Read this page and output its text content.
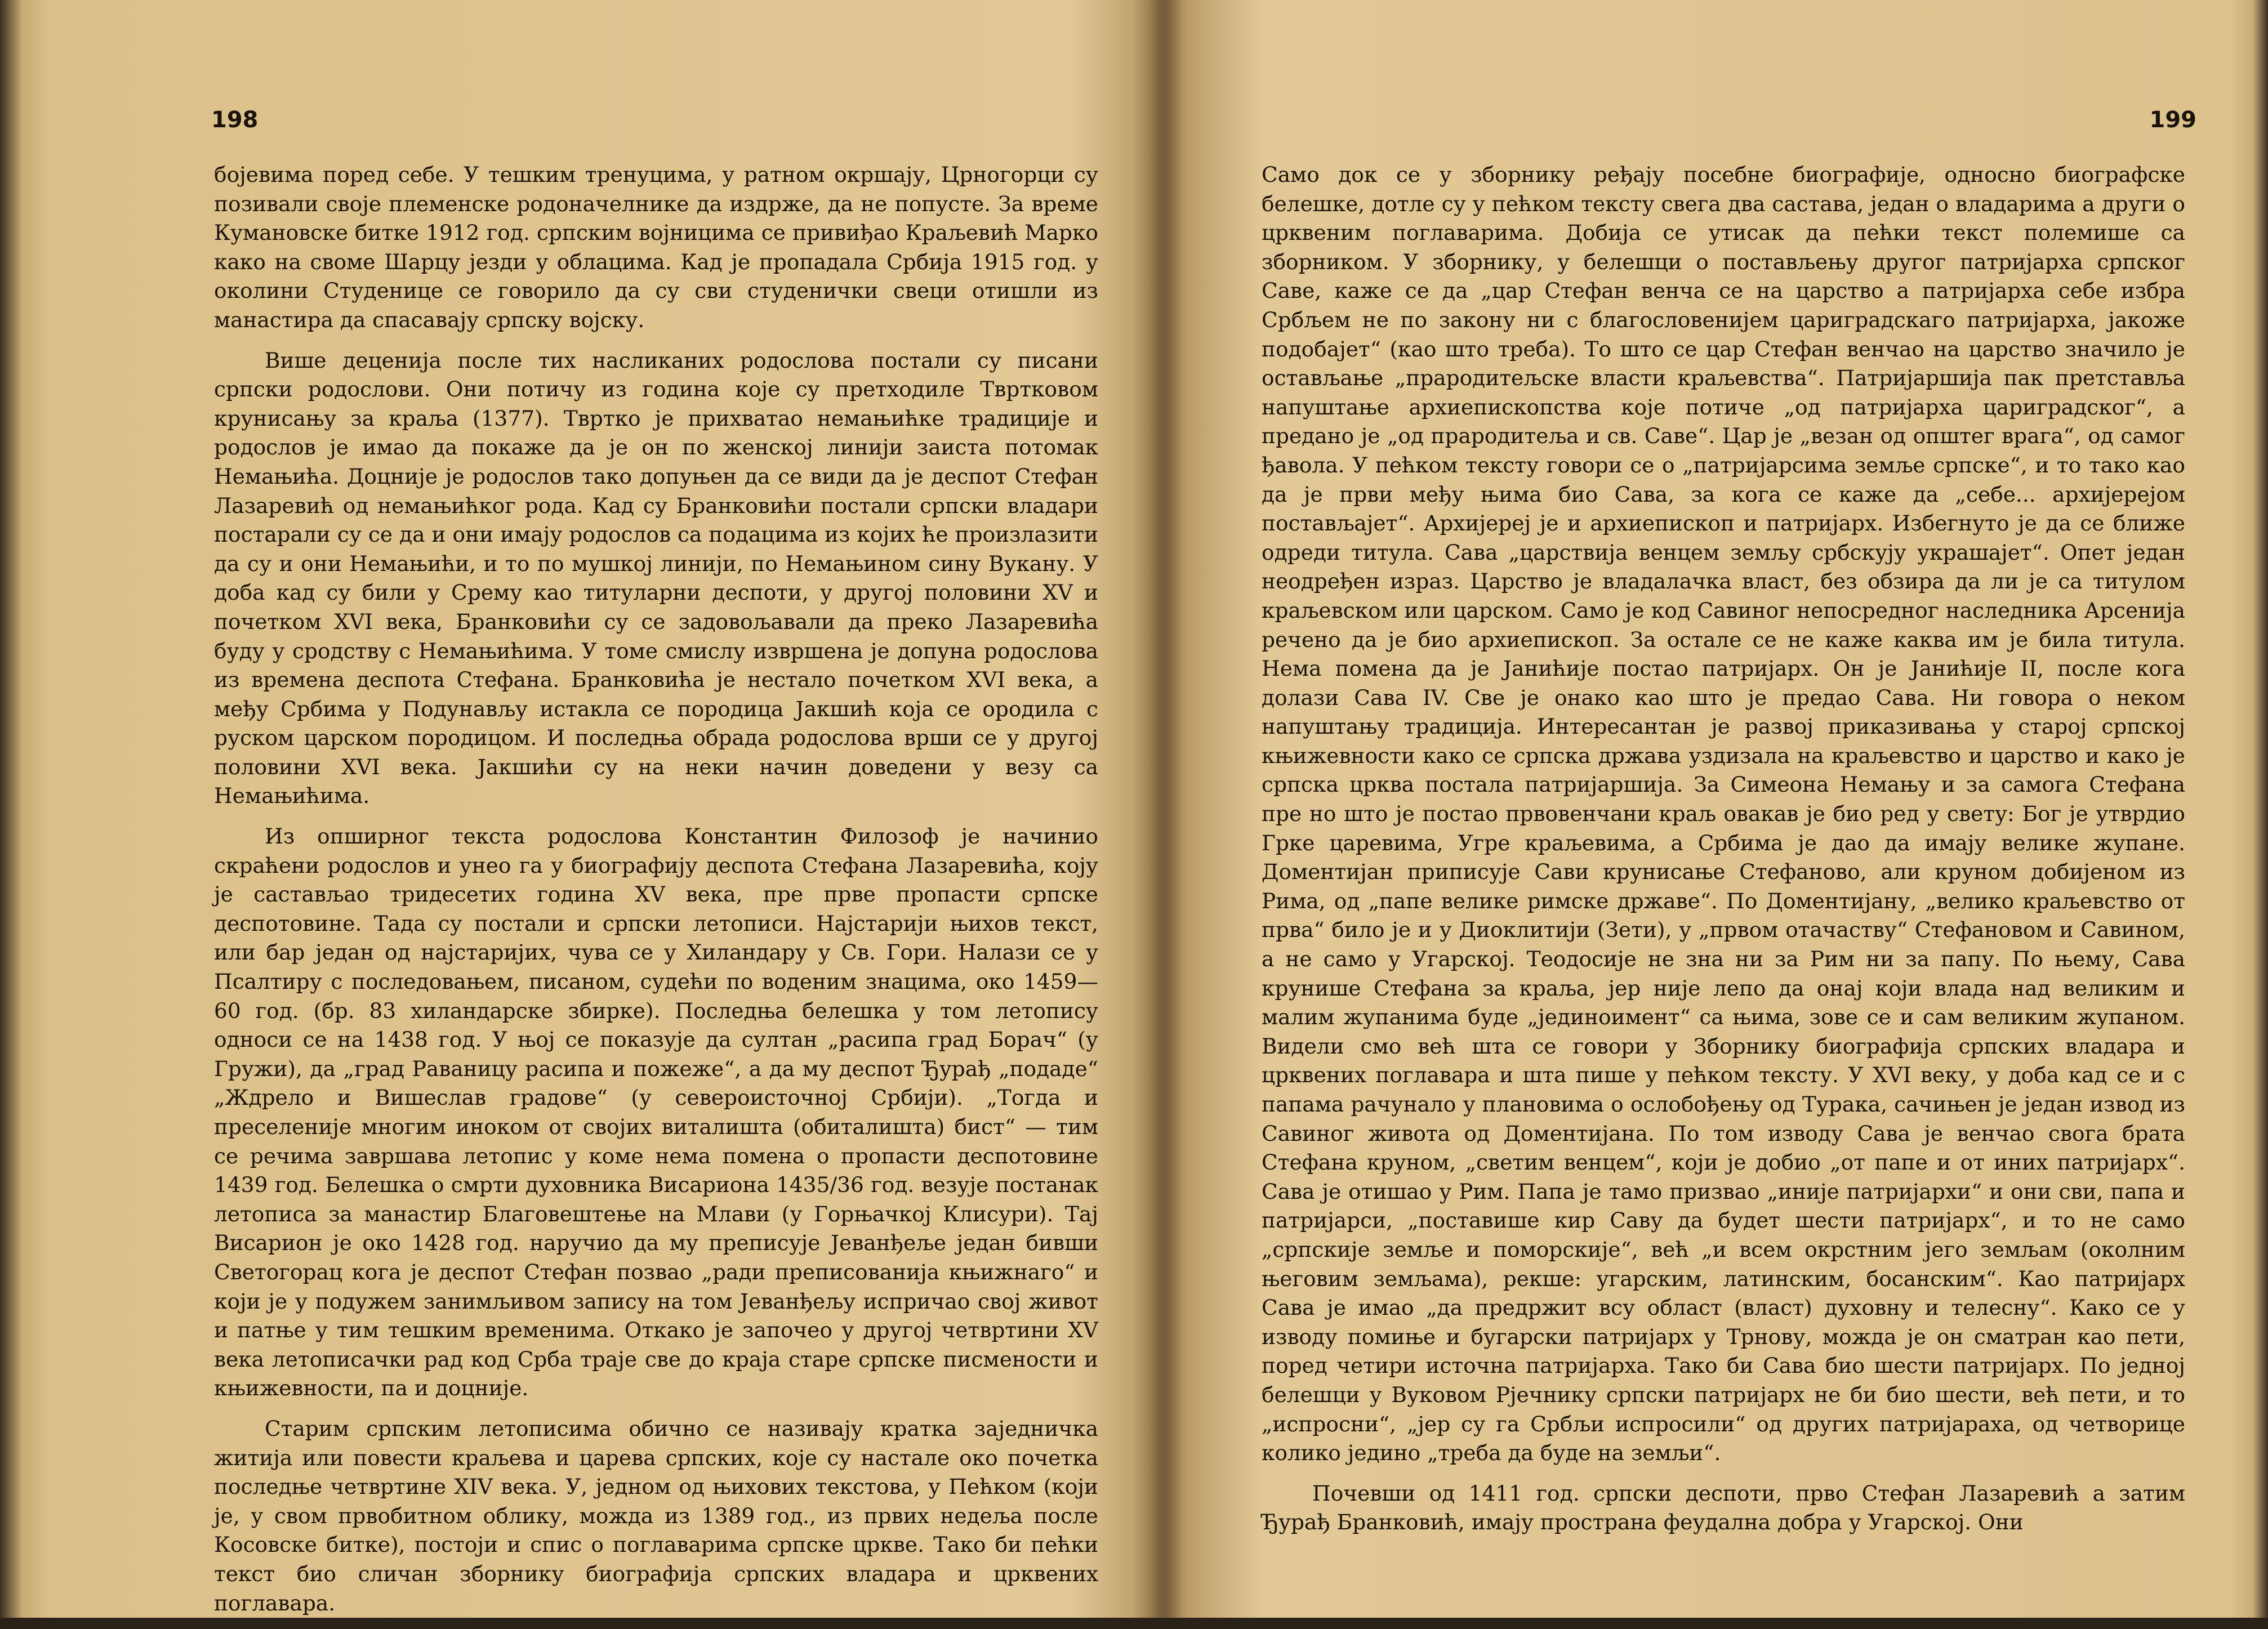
198

бојевима поред себе. У тешким тренуцима, у ратном окршају, Црногорци су позивали своје племенске родоначелнике да издрже, да не попусте. За време Кумановске битке 1912 год. српским војницима се привиђао Краљевић Марко како на своме Шарцу језди у облацима. Кад је пропадала Србија 1915 год. у околини Студенице се говорило да су сви студенички свеци отишли из манастира да спасавају српску војску.

Више деценија после тих насликаних родослова постали су писани српски родослови. Они потичу из година које су претходиле Твртковом крунисању за краља (1377). Твртко је прихватао немањићке традиције и родослов је имао да покаже да је он по женској линији заиста потомак Немањића. Доцније је родослов тако допуњен да се види да је деспот Стефан Лазаревић од немањићког рода. Кад су Бранковићи постали српски владари постарали су се да и они имају родослов са подацима из којих ће произлазити да су и они Немањићи, и то по мушкој линији, по Немањином сину Вукану. У доба кад су били у Срему као титуларни деспоти, у другој половини XV и почетком XVI века, Бранковићи су се задовољавали да преко Лазаревића буду у сродству с Немањићима. У томе смислу извршена је допуна родослова из времена деспота Стефана. Бранковића је нестало почетком XVI века, а међу Србима у Подунављу истакла се породица Јакшић која се ородила с руском царском породицом. И последња обрада родослова врши се у другој половини XVI века. Јакшићи су на неки начин доведени у везу са Немањићима.

Из опширног текста родослова Константин Филозоф је начинио скраћени родослов и унео га у биографију деспота Стефана Лазаревића, коју је састављао тридесетих година XV века, пре прве пропасти српске деспотовине. Тада су постали и српски летописи. Најстарији њихов текст, или бар један од најстаријих, чува се у Хиландару у Св. Гори. Налази се у Псалтиру с последовањем, писаном, судећи по воденим знацима, око 1459—60 год. (бр. 83 хиландарске збирке). Последња белешка у том летопису односи се на 1438 год. У њој се показује да султан „расипа град Борач“ (у Гружи), да „град Раваницу расипа и пожеже“, а да му деспот Ђурађ „подаде“ „Ждрело и Вишеслав градове“ (у североисточној Србији). „Тогда и преселеније многим иноком от својих виталишта (обиталишта) бист“ — тим се речима завршава летопис у коме нема помена о пропасти деспотовине 1439 год. Белешка о смрти духовника Висариона 1435/36 год. везује постанак летописа за манастир Благовештење на Млави (у Горњачкој Клисури). Тај Висарион је око 1428 год. наручио да му преписује Јеванђеље један бивши Светогорац кога је деспот Стефан позвао „ради преписованија књижнаго“ и који је у подужем занимљивом запису на том Јеванђељу испричао свој живот и патње у тим тешким временима. Откако је започео у другој четвртини XV века летописачки рад код Срба траје све до краја старе српске писмености и књижевности, па и доцније.

Старим српским летописима обично се називају кратка заједничка житија или повести краљева и царева српских, које су настале око почетка последње четвртине XIV века. У, једном од њихових текстова, у Пећком (који је, у свом првобитном облику, можда из 1389 год., из првих недеља после Косовске битке), постоји и спис о поглаварима српске цркве. Тако би пећки текст био сличан зборнику биографија српских владара и црквених поглавара.

199

Само док се у зборнику ређају посебне биографије, односно биографске белешке, дотле су у пећком тексту свега два састава, један о владарима а други о црквеним поглаварима. Добија се утисак да пећки текст полемише са зборником. У зборнику, у белешци о постављењу другог патријарха српског Саве, каже се да „цар Стефан венча се на царство а патријарха себе избра Србљем не по закону ни с благословенијем цариградскаго патријарха, јакоже подобајет“ (као што треба). То што се цар Стефан венчао на царство значило је остављање „прародитељске власти краљевства“. Патријаршија пак претставља напуштање архиепископства које потиче „од патријарха цариградског“, а предано је „од прародитеља и св. Саве“. Цар је „везан од општег врага“, од самог ђавола. У пећком тексту говори се о „патријарсима земље српске“, и то тако као да је први међу њима био Сава, за кога се каже да „себе... архијерејом постављајет“. Архијереј је и архиепископ и патријарх. Избегнуто је да се ближе одреди титула. Сава „царствија венцем земљу србскују украшајет“. Опет један неодређен израз. Царство је владалачка власт, без обзира да ли је са титулом краљевском или царском. Само је код Савиног непосредног наследника Арсенија речено да је био архиепископ. За остале се не каже каква им је била титула. Нема помена да је Јанићије постао патријарх. Он је Јанићије II, после кога долази Сава IV. Све је онако као што је предао Сава. Ни говора о неком напуштању традиција. Интересантан је развој приказивања у старој српској књижевности како се српска држава уздизала на краљевство и царство и како је српска црква постала патријаршија. За Симеона Немању и за самога Стефана пре но што је постао првовенчани краљ овакав је био ред у свету: Бог је утврдио Грке царевима, Угре краљевима, а Србима је дао да имају велике жупане. Доментијан приписује Сави крунисање Стефаново, али круном добијеном из Рима, од „папе велике римске државе“. По Доментијану, „велико краљевство от прва“ било је и у Диоклитији (Зети), у „првом отачаству“ Стефановом и Савином, а не само у Угарској. Теодосије не зна ни за Рим ни за папу. По њему, Сава крунише Стефана за краља, јер није лепо да онај који влада над великим и малим жупанима буде „јединоимент“ са њима, зове се и сам великим жупаном. Видели смо већ шта се говори у Зборнику биографија српских владара и црквених поглавара и шта пише у пећком тексту. У XVI веку, у доба кад се и с папама рачунало у плановима о ослобођењу од Турака, сачињен је један извод из Савиног живота од Доментијана. По том изводу Сава је венчао свога брата Стефана круном, „светим венцем“, који је добио „от папе и от иних патријарх“. Сава је отишао у Рим. Папа је тамо призвао „иније патријархи“ и они сви, папа и патријарси, „поставише кир Саву да будет шести патријарх“, и то не само „српскије земље и поморскије“, већ „и всем окрстним јего земљам (околним његовим земљама), рекше: угарским, латинским, босанским“. Као патријарх Сава је имао „да предржит всу област (власт) духовну и телесну“. Како се у изводу помиње и бугарски патријарх у Трнову, можда је он сматран као пети, поред четири источна патријарха. Тако би Сава био шести патријарх. По једној белешци у Вуковом Рјечнику српски патријарх не би био шести, већ пети, и то „испросни“, „јер су га Србљи испросили“ од других патријараха, од четворице колико једино „треба да буде на земљи“.

Почевши од 1411 год. српски деспоти, прво Стефан Лазаревић а затим Ђурађ Бранковић, имају пространа феудална добра у Угарској. Они
